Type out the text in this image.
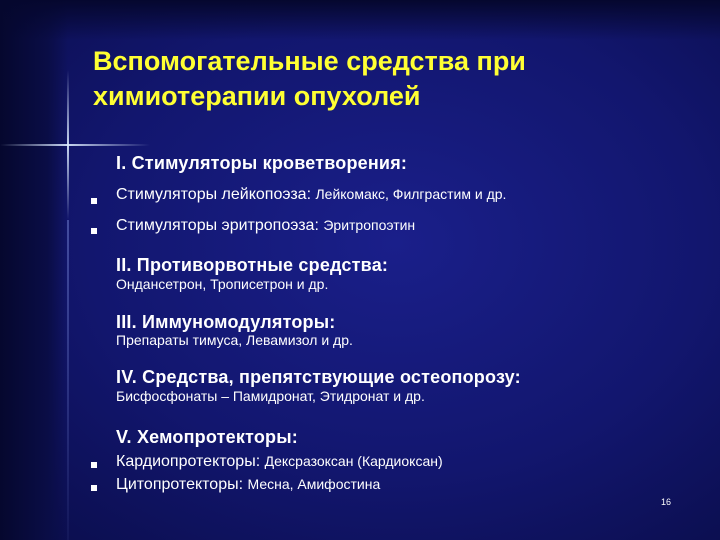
Вспомогательные средства при химиотерапии опухолей
I. Стимуляторы кроветворения:
Стимуляторы лейкопоэза: Лейкомакс, Филграстим и др.
Стимуляторы эритропоэза: Эритропоэтин
II. Противорвотные средства:
Ондансетрон, Трописетрон и др.
III. Иммуномодуляторы:
Препараты тимуса, Левамизол и др.
IV. Средства, препятствующие остеопорозу:
Бисфосфонаты – Памидронат, Этидронат и др.
V. Хемопротекторы:
Кардиопротекторы: Дексразоксан (Кардиоксан)
Цитопротекторы: Месна, Амифостина
16
